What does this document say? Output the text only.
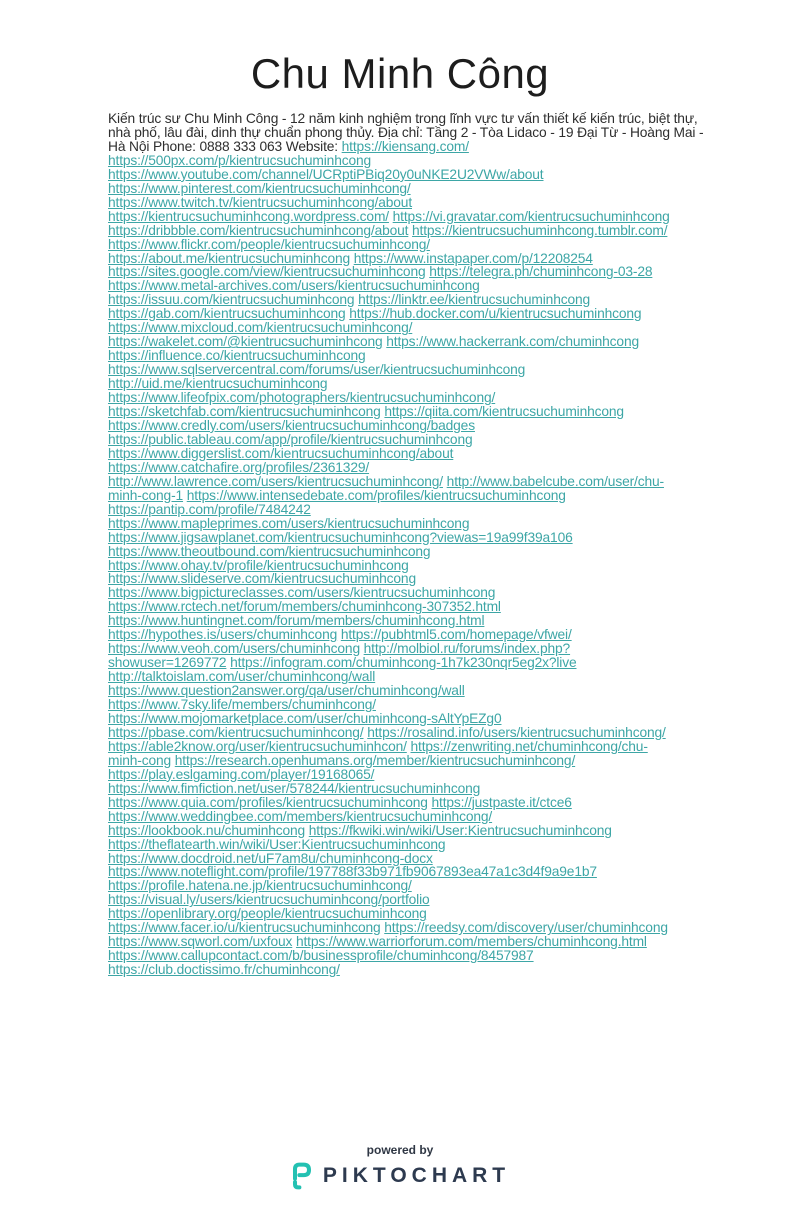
Chu Minh Công
Kiến trúc sư Chu Minh Công - 12 năm kinh nghiệm trong lĩnh vực tư vấn thiết kế kiến trúc, biệt thự,
nhà phố, lâu đài, dinh thự chuẩn phong thủy. Địa chỉ: Tầng 2 - Tòa Lidaco - 19 Đại Từ - Hoàng Mai -
Hà Nội Phone: 0888 333 063 Website: https://kiensang.com/
https://500px.com/p/kientrucsuchuminhcong
https://www.youtube.com/channel/UCRptiPBiq20y0uNKE2U2VWw/about
https://www.pinterest.com/kientrucsuchuminhcong/
https://www.twitch.tv/kientrucsuchuminhcong/about
https://kientrucsuchuminhcong.wordpress.com/ https://vi.gravatar.com/kientrucsuchuminhcong
https://dribbble.com/kientrucsuchuminhcong/about https://kientrucsuchuminhcong.tumblr.com/
https://www.flickr.com/people/kientrucsuchuminhcong/
https://about.me/kientrucsuchuminhcong https://www.instapaper.com/p/12208254
https://sites.google.com/view/kientrucsuchuminhcong https://telegra.ph/chuminhcong-03-28
https://www.metal-archives.com/users/kientrucsuchuminhcong
https://issuu.com/kientrucsuchuminhcong https://linktr.ee/kientrucsuchuminhcong
https://gab.com/kientrucsuchuminhcong https://hub.docker.com/u/kientrucsuchuminhcong
https://www.mixcloud.com/kientrucsuchuminhcong/
https://wakelet.com/@kientrucsuchuminhcong https://www.hackerrank.com/chuminhcong
https://influence.co/kientrucsuchuminhcong
https://www.sqlservercentral.com/forums/user/kientrucsuchuminhcong
http://uid.me/kientrucsuchuminhcong
https://www.lifeofpix.com/photographers/kientrucsuchuminhcong/
https://sketchfab.com/kientrucsuchuminhcong https://qiita.com/kientrucsuchuminhcong
https://www.credly.com/users/kientrucsuchuminhcong/badges
https://public.tableau.com/app/profile/kientrucsuchuminhcong
https://www.diggerslist.com/kientrucsuchuminhcong/about
https://www.catchafire.org/profiles/2361329/
http://www.lawrence.com/users/kientrucsuchuminhcong/ http://www.babelcube.com/user/chu-
minh-cong-1 https://www.intensedebate.com/profiles/kientrucsuchuminhcong
https://pantip.com/profile/7484242
https://www.mapleprimes.com/users/kientrucsuchuminhcong
https://www.jigsawplanet.com/kientrucsuchuminhcong?viewas=19a99f39a106
https://www.theoutbound.com/kientrucsuchuminhcong
https://www.ohay.tv/profile/kientrucsuchuminhcong
https://www.slideserve.com/kientrucsuchuminhcong
https://www.bigpictureclasses.com/users/kientrucsuchuminhcong
https://www.rctech.net/forum/members/chuminhcong-307352.html
https://www.huntingnet.com/forum/members/chuminhcong.html
https://hypothes.is/users/chuminhcong https://pubhtml5.com/homepage/vfwei/
https://www.veoh.com/users/chuminhcong http://molbiol.ru/forums/index.php?
showuser=1269772 https://infogram.com/chuminhcong-1h7k230nqr5eg2x?live
http://talktoislam.com/user/chuminhcong/wall
https://www.question2answer.org/qa/user/chuminhcong/wall
https://www.7sky.life/members/chuminhcong/
https://www.mojomarketplace.com/user/chuminhcong-sAltYpEZg0
https://pbase.com/kientrucsuchuminhcong/ https://rosalind.info/users/kientrucsuchuminhcong/
https://able2know.org/user/kientrucsuchuminhcon/ https://zenwriting.net/chuminhcong/chu-
minh-cong https://research.openhumans.org/member/kientrucsuchuminhcong/
https://play.eslgaming.com/player/19168065/
https://www.fimfiction.net/user/578244/kientrucsuchuminhcong
https://www.quia.com/profiles/kientrucsuchuminhcong https://justpaste.it/ctce6
https://www.weddingbee.com/members/kientrucsuchuminhcong/
https://lookbook.nu/chuminhcong https://fkwiki.win/wiki/User:Kientrucsuchuminhcong
https://theflatearth.win/wiki/User:Kientrucsuchuminhcong
https://www.docdroid.net/uF7am8u/chuminhcong-docx
https://www.noteflight.com/profile/197788f33b971fb9067893ea47a1c3d4f9a9e1b7
https://profile.hatena.ne.jp/kientrucsuchuminhcong/
https://visual.ly/users/kientrucsuchuminhcong/portfolio
https://openlibrary.org/people/kientrucsuchuminhcong
https://www.facer.io/u/kientrucsuchuminhcong https://reedsy.com/discovery/user/chuminhcong
https://www.sqworl.com/uxfoux https://www.warriorforum.com/members/chuminhcong.html
https://www.callupcontact.com/b/businessprofile/chuminhcong/8457987
https://club.doctissimo.fr/chuminhcong/
powered by
PIKTOCHART
